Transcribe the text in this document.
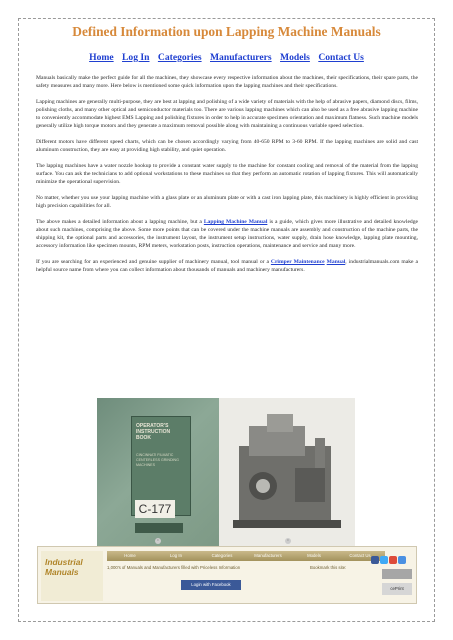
Defined Information upon Lapping Machine Manuals
Home Log In Categories Manufacturers Models Contact Us

Manuals basically make the perfect guide for all the machines, they showcase every respective information about the machines, their specifications, their spare parts, the safety measures and many more. Here below is mentioned some quick information upon the lapping machines and their specifications.

Lapping machines are generally multi-purpose, they are best at lapping and polishing of a wide variety of materials with the help of abrasive papers, diamond discs, films, polishing cloths, and many other optical and semiconductor materials too. There are various lapping machines which can also be used as a free abrasive lapping machine to conveniently accommodate highest EMS Lapping and polishing fixtures in order to help in accurate specimen orientation and maximum flatness. Such machine models generally utilize high torque motors and they generate a maximum removal possible along with maintaining a continuous variable speed selection.

Different motors have different speed charts, which can be chosen accordingly varying from 40-650 RPM to 3-60 RPM. If the lapping machines are solid and cast aluminum construction, they are easy at providing high stability, and quiet operation.

The lapping machines have a water nozzle hookup to provide a constant water supply to the machine for constant cooling and removal of the material from the lapping surface. You can ask the technicians to add optional workstations to these machines so that they perform an automatic rotation of lapping fixtures. This will automatically minimize the operational supervision.

No matter, whether you use your lapping machine with a glass plate or an aluminum plate or with a cast iron lapping plate, this machinery is highly efficient in providing high precision capabilities for all.

The above makes a detailed information about a lapping machine, but a Lapping Machine Manual is a guide, which gives more illustrative and detailed knowledge about such machines, comprising the above. Some more points that can be covered under the machine manuals are assembly and construction of the machine parts, the shipping kit, the optional parts and accessories, the instrument layout, the instrument setup instructions, water supply, drain hose knowledge, lapping plate mounting, accessory information like specimen mounts, RPM meters, workstation posts, instruction operations, maintenance and service and many more.

If you are searching for an experienced and genuine supplier of machinery manual, tool manual or a Crimper Maintenance Manual, industrialmanuals.com make a helpful source name from where you can collect information about thousands of manuals and machinery manufacturers.

OPERATOR'S INSTRUCTION BOOK
CINCINNATI FILMATIC CENTERLESS GRINDING MACHINES
C-177
‹	›
Industrial Manuals
Home	Log In	Categories	Manufacturers	Models	Contact Us
1,000's of Manuals and Manufacturers filled with Priceless Information	Bookmark this site:
Login with Facebook
cePrint
